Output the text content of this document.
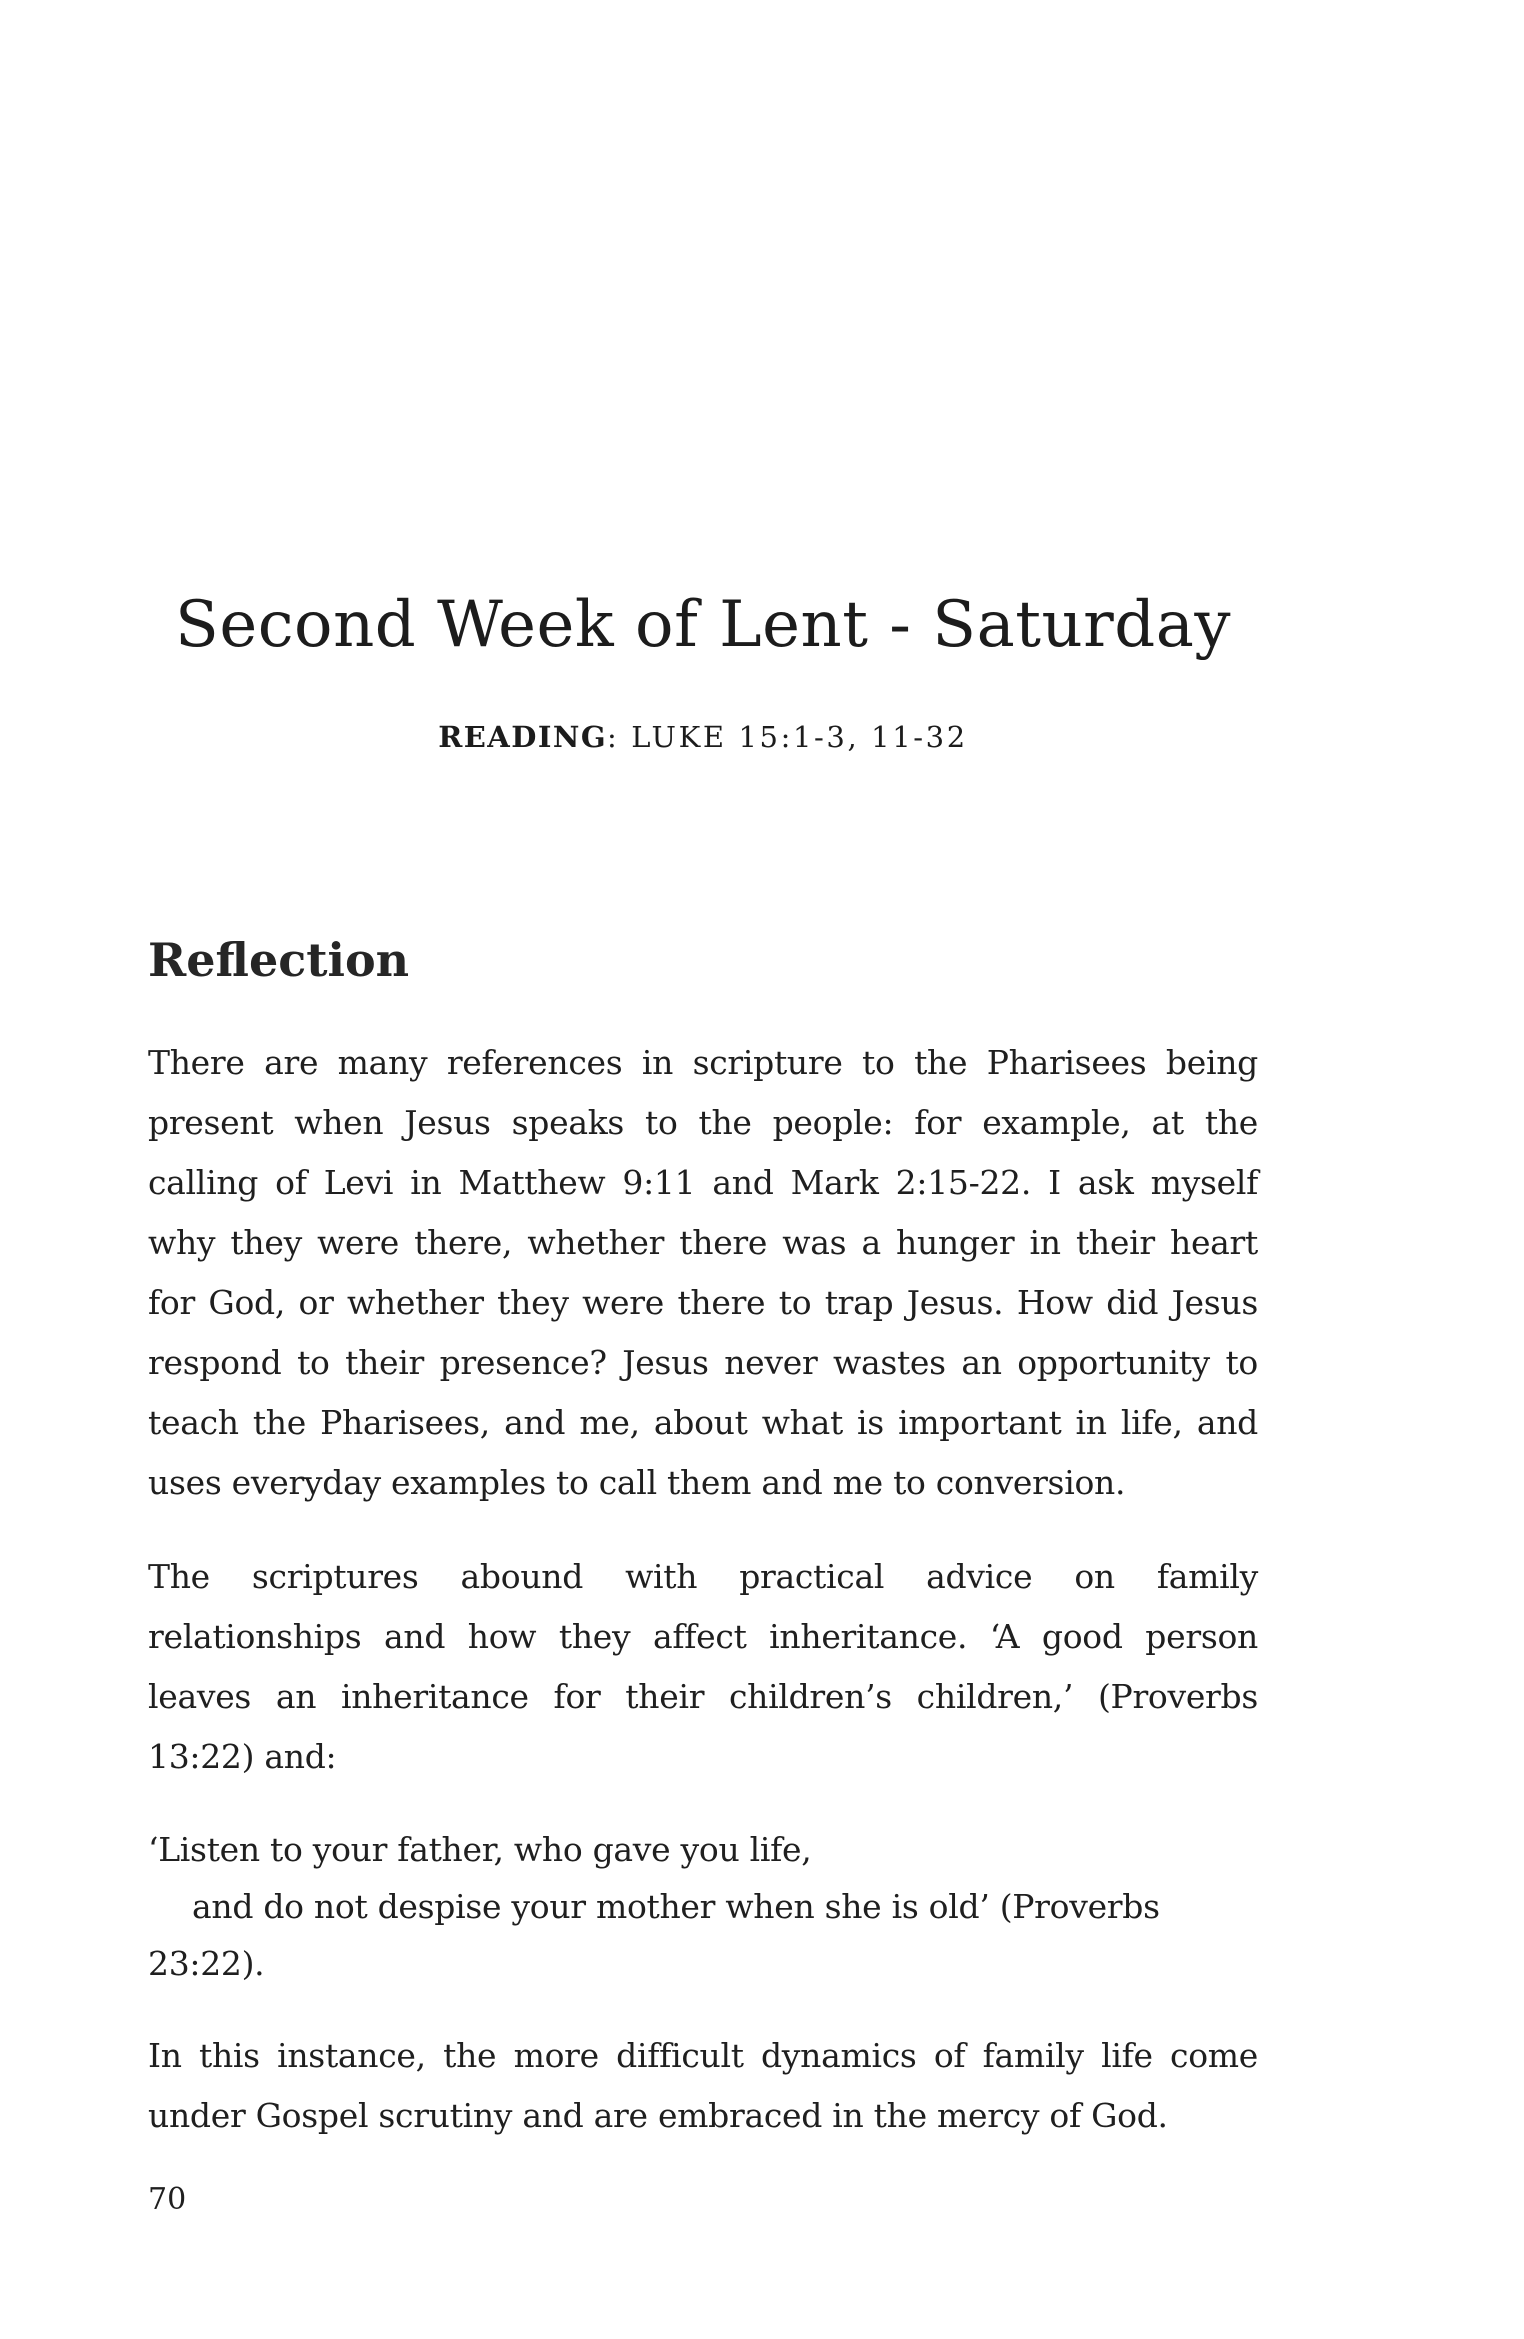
Second Week of Lent - Saturday
READING: LUKE 15:1-3, 11-32
Reflection
There are many references in scripture to the Pharisees being
present when Jesus speaks to the people: for example, at the
calling of Levi in Matthew 9:11 and Mark 2:15-22. I ask myself
why they were there, whether there was a hunger in their heart
for God, or whether they were there to trap Jesus. How did Jesus
respond to their presence? Jesus never wastes an opportunity to
teach the Pharisees, and me, about what is important in life, and
uses everyday examples to call them and me to conversion.
The scriptures abound with practical advice on family
relationships and how they affect inheritance. ‘A good person
leaves an inheritance for their children’s children,’ (Proverbs
13:22) and:
‘Listen to your father, who gave you life,
and do not despise your mother when she is old’ (Proverbs
23:22).
In this instance, the more difficult dynamics of family life come
under Gospel scrutiny and are embraced in the mercy of God.
70
